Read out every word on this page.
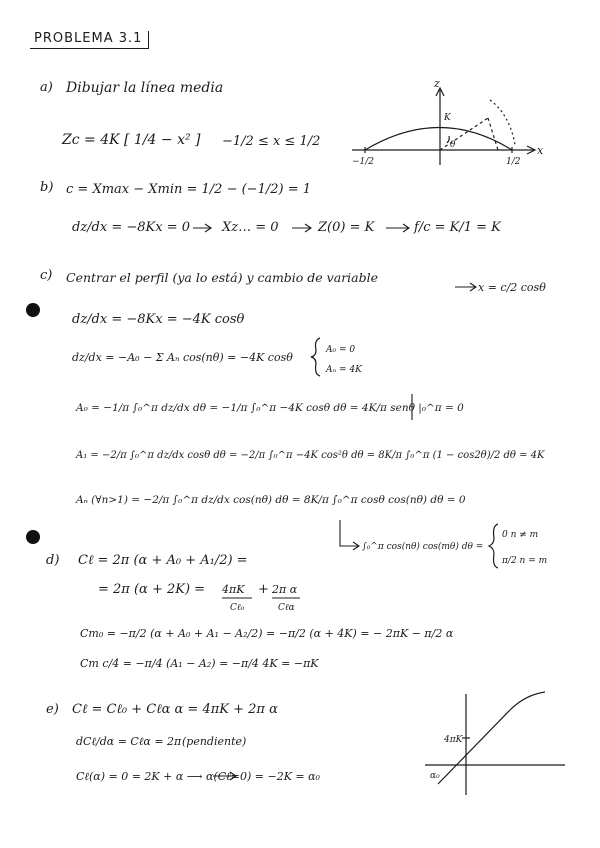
PROBLEMA 3.1
a) Dibujar la línea media
Zc = 4K [ 1/4 − x² ] −1/2 ≤ x ≤ 1/2
z
x
K
θ
−1/2	1/2
b) c = Xmax − Xmin = 1/2 − (−1/2) = 1
dz/dx = −8Kx = 0 Xz… = 0	Z(0) = K	f/c = K/1 = K
c) Centrar el perfil (ya lo está) y cambio de variable
x = c/2 cosθ
dz/dx = −8Kx = −4K cosθ
dz/dx = −A₀ − Σ Aₙ cos(nθ) = −4K cosθ
A₀ = 0
Aₙ = 4K
A₀ = −1/π ∫₀^π dz/dx dθ = −1/π ∫₀^π −4K cosθ dθ = 4K/π senθ |₀^π = 0
A₁ = −2/π ∫₀^π dz/dx cosθ dθ = −2/π ∫₀^π −4K cos²θ dθ = 8K/π ∫₀^π (1 − cos2θ)/2 dθ = 4K
Aₙ (∀n>1) = −2/π ∫₀^π dz/dx cos(nθ) dθ = 8K/π ∫₀^π cosθ cos(nθ) dθ = 0
∫₀^π cos(nθ) cos(mθ) dθ =
0 n ≠ m
π/2 n = m
d) Cℓ = 2π (α + A₀ + A₁/2) =
= 2π (α + 2K) = 4πK
Cℓ₀
+ 2π α
Cℓα
Cm₀ = −π/2 (α + A₀ + A₁ − A₂/2) = −π/2 (α + 4K) = − 2πK − π/2 α
Cm c/4 = −π/4 (A₁ − A₂) = −π/4 4K = −πK
e) Cℓ = Cℓ₀ + Cℓα α = 4πK + 2π α
dCℓ/dα = Cℓα = 2π (pendiente)
Cℓ(α) = 0 = 2K + α ⟶ α(Cℓ=0) = −2K = α₀
4πK
α₀
